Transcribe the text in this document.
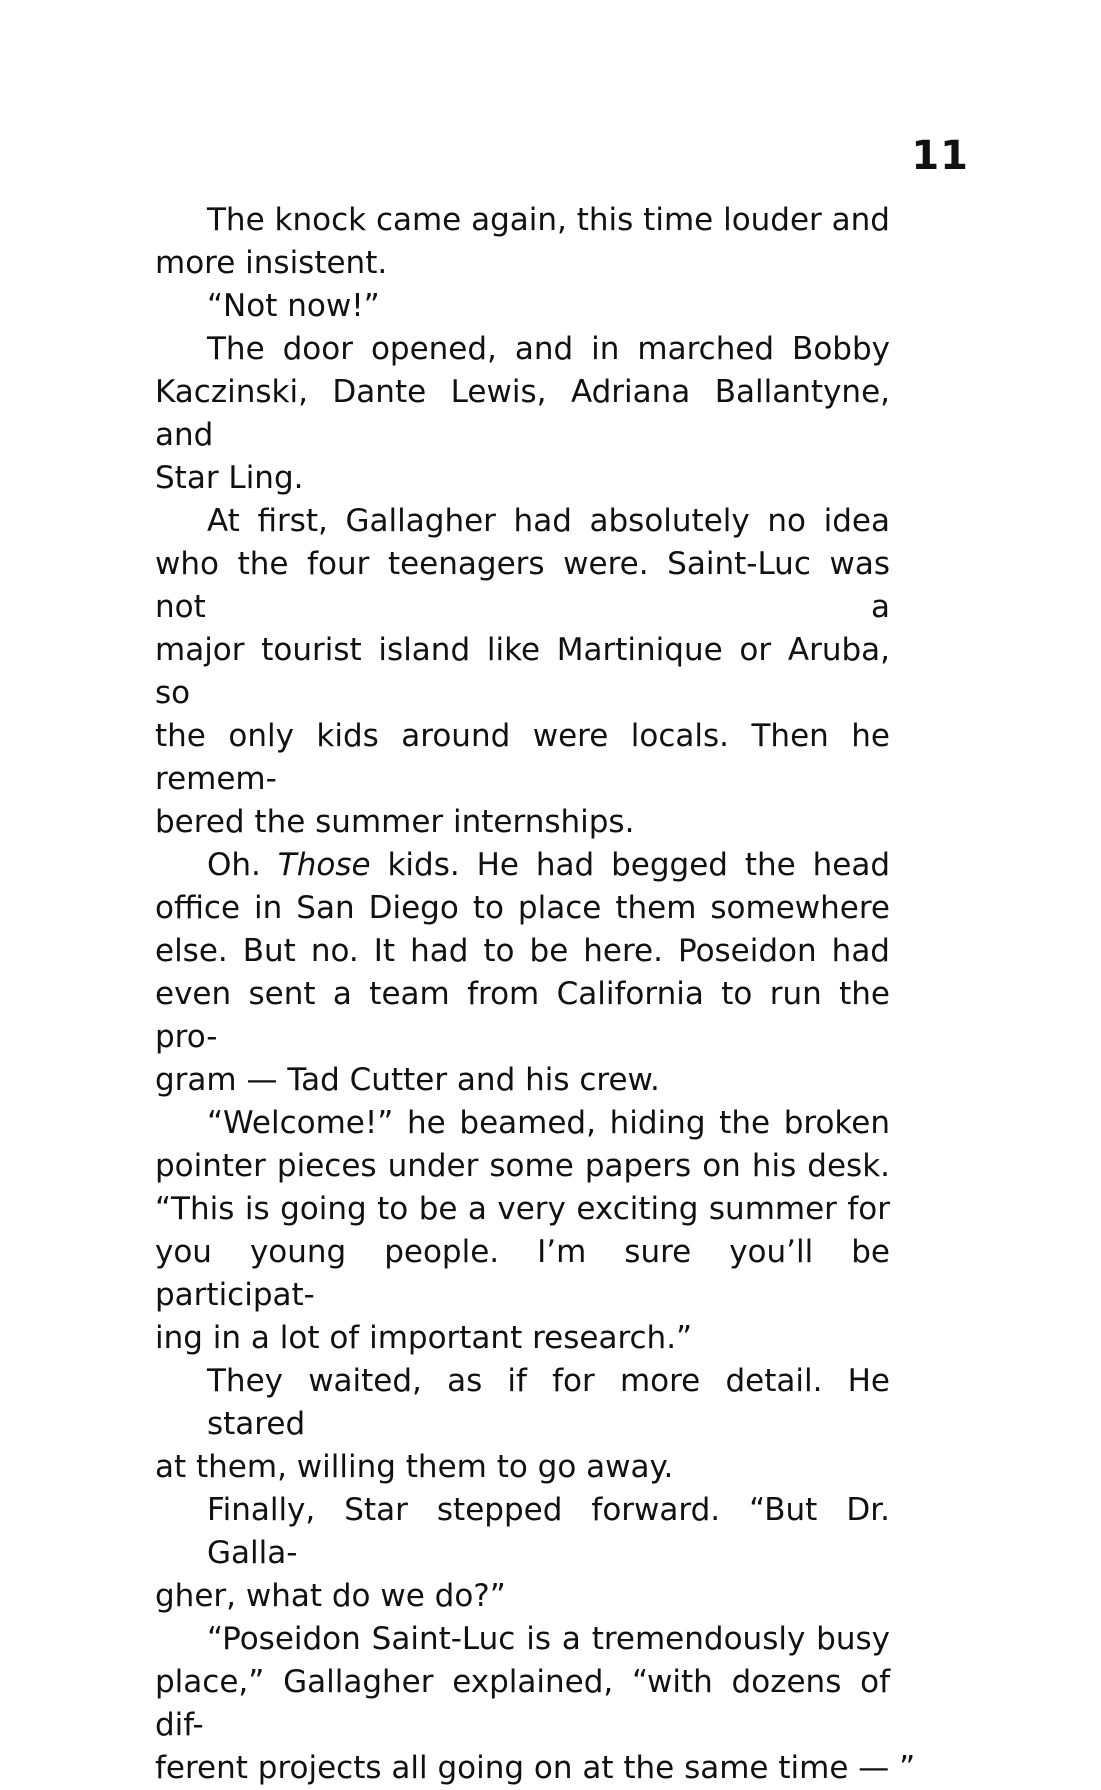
11
The knock came again, this time louder and
more insistent.
“Not now!”
The door opened, and in marched Bobby
Kaczinski, Dante Lewis, Adriana Ballantyne, and
Star Ling.
At first, Gallagher had absolutely no idea
who the four teenagers were. Saint-Luc was not a
major tourist island like Martinique or Aruba, so
the only kids around were locals. Then he remem-
bered the summer internships.
Oh. Those kids. He had begged the head
office in San Diego to place them somewhere
else. But no. It had to be here. Poseidon had
even sent a team from California to run the pro-
gram — Tad Cutter and his crew.
“Welcome!” he beamed, hiding the broken
pointer pieces under some papers on his desk.
“This is going to be a very exciting summer for
you young people. I’m sure you’ll be participat-
ing in a lot of important research.”
They waited, as if for more detail. He stared
at them, willing them to go away.
Finally, Star stepped forward. “But Dr. Galla-
gher, what do we do?”
“Poseidon Saint-Luc is a tremendously busy
place,” Gallagher explained, “with dozens of dif-
ferent projects all going on at the same time — ”
